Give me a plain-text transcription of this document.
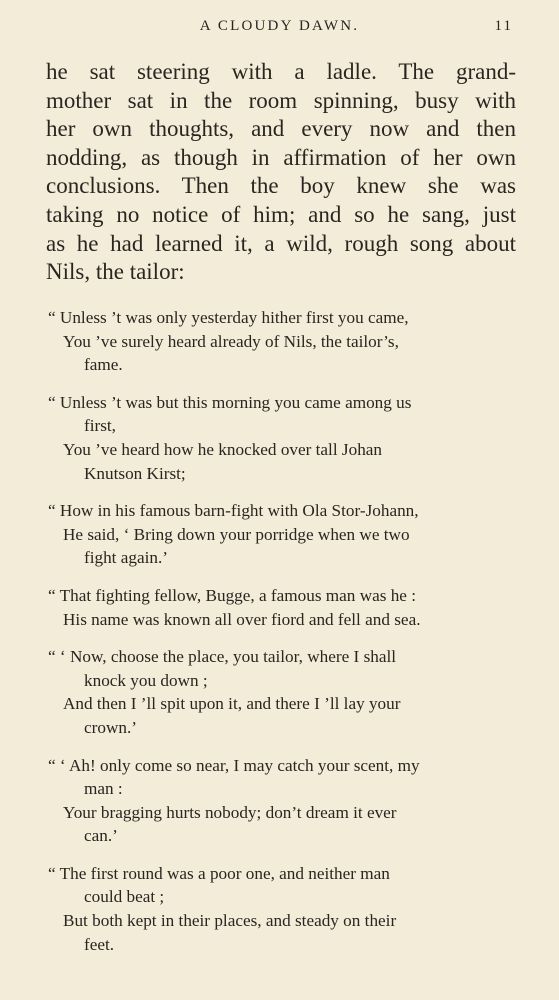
A CLOUDY DAWN.	11
he sat steering with a ladle. The grand-
mother sat in the room spinning, busy with
her own thoughts, and every now and then
nodding, as though in affirmation of her own
conclusions. Then the boy knew she was
taking no notice of him; and so he sang, just
as he had learned it, a wild, rough song about
Nils, the tailor:
“ Unless ’t was only yesterday hither first you came,
You ’ve surely heard already of Nils, the tailor’s,
fame.
“ Unless ’t was but this morning you came among us
first,
You ’ve heard how he knocked over tall Johan
Knutson Kirst;
“ How in his famous barn-fight with Ola Stor-Johann,
He said, ‘ Bring down your porridge when we two
fight again.’
“ That fighting fellow, Bugge, a famous man was he :
His name was known all over fiord and fell and sea.
“ ‘ Now, choose the place, you tailor, where I shall
knock you down ;
And then I ’ll spit upon it, and there I ’ll lay your
crown.’
“ ‘ Ah! only come so near, I may catch your scent, my
man :
Your bragging hurts nobody; don’t dream it ever
can.’
“ The first round was a poor one, and neither man
could beat ;
But both kept in their places, and steady on their
feet.
